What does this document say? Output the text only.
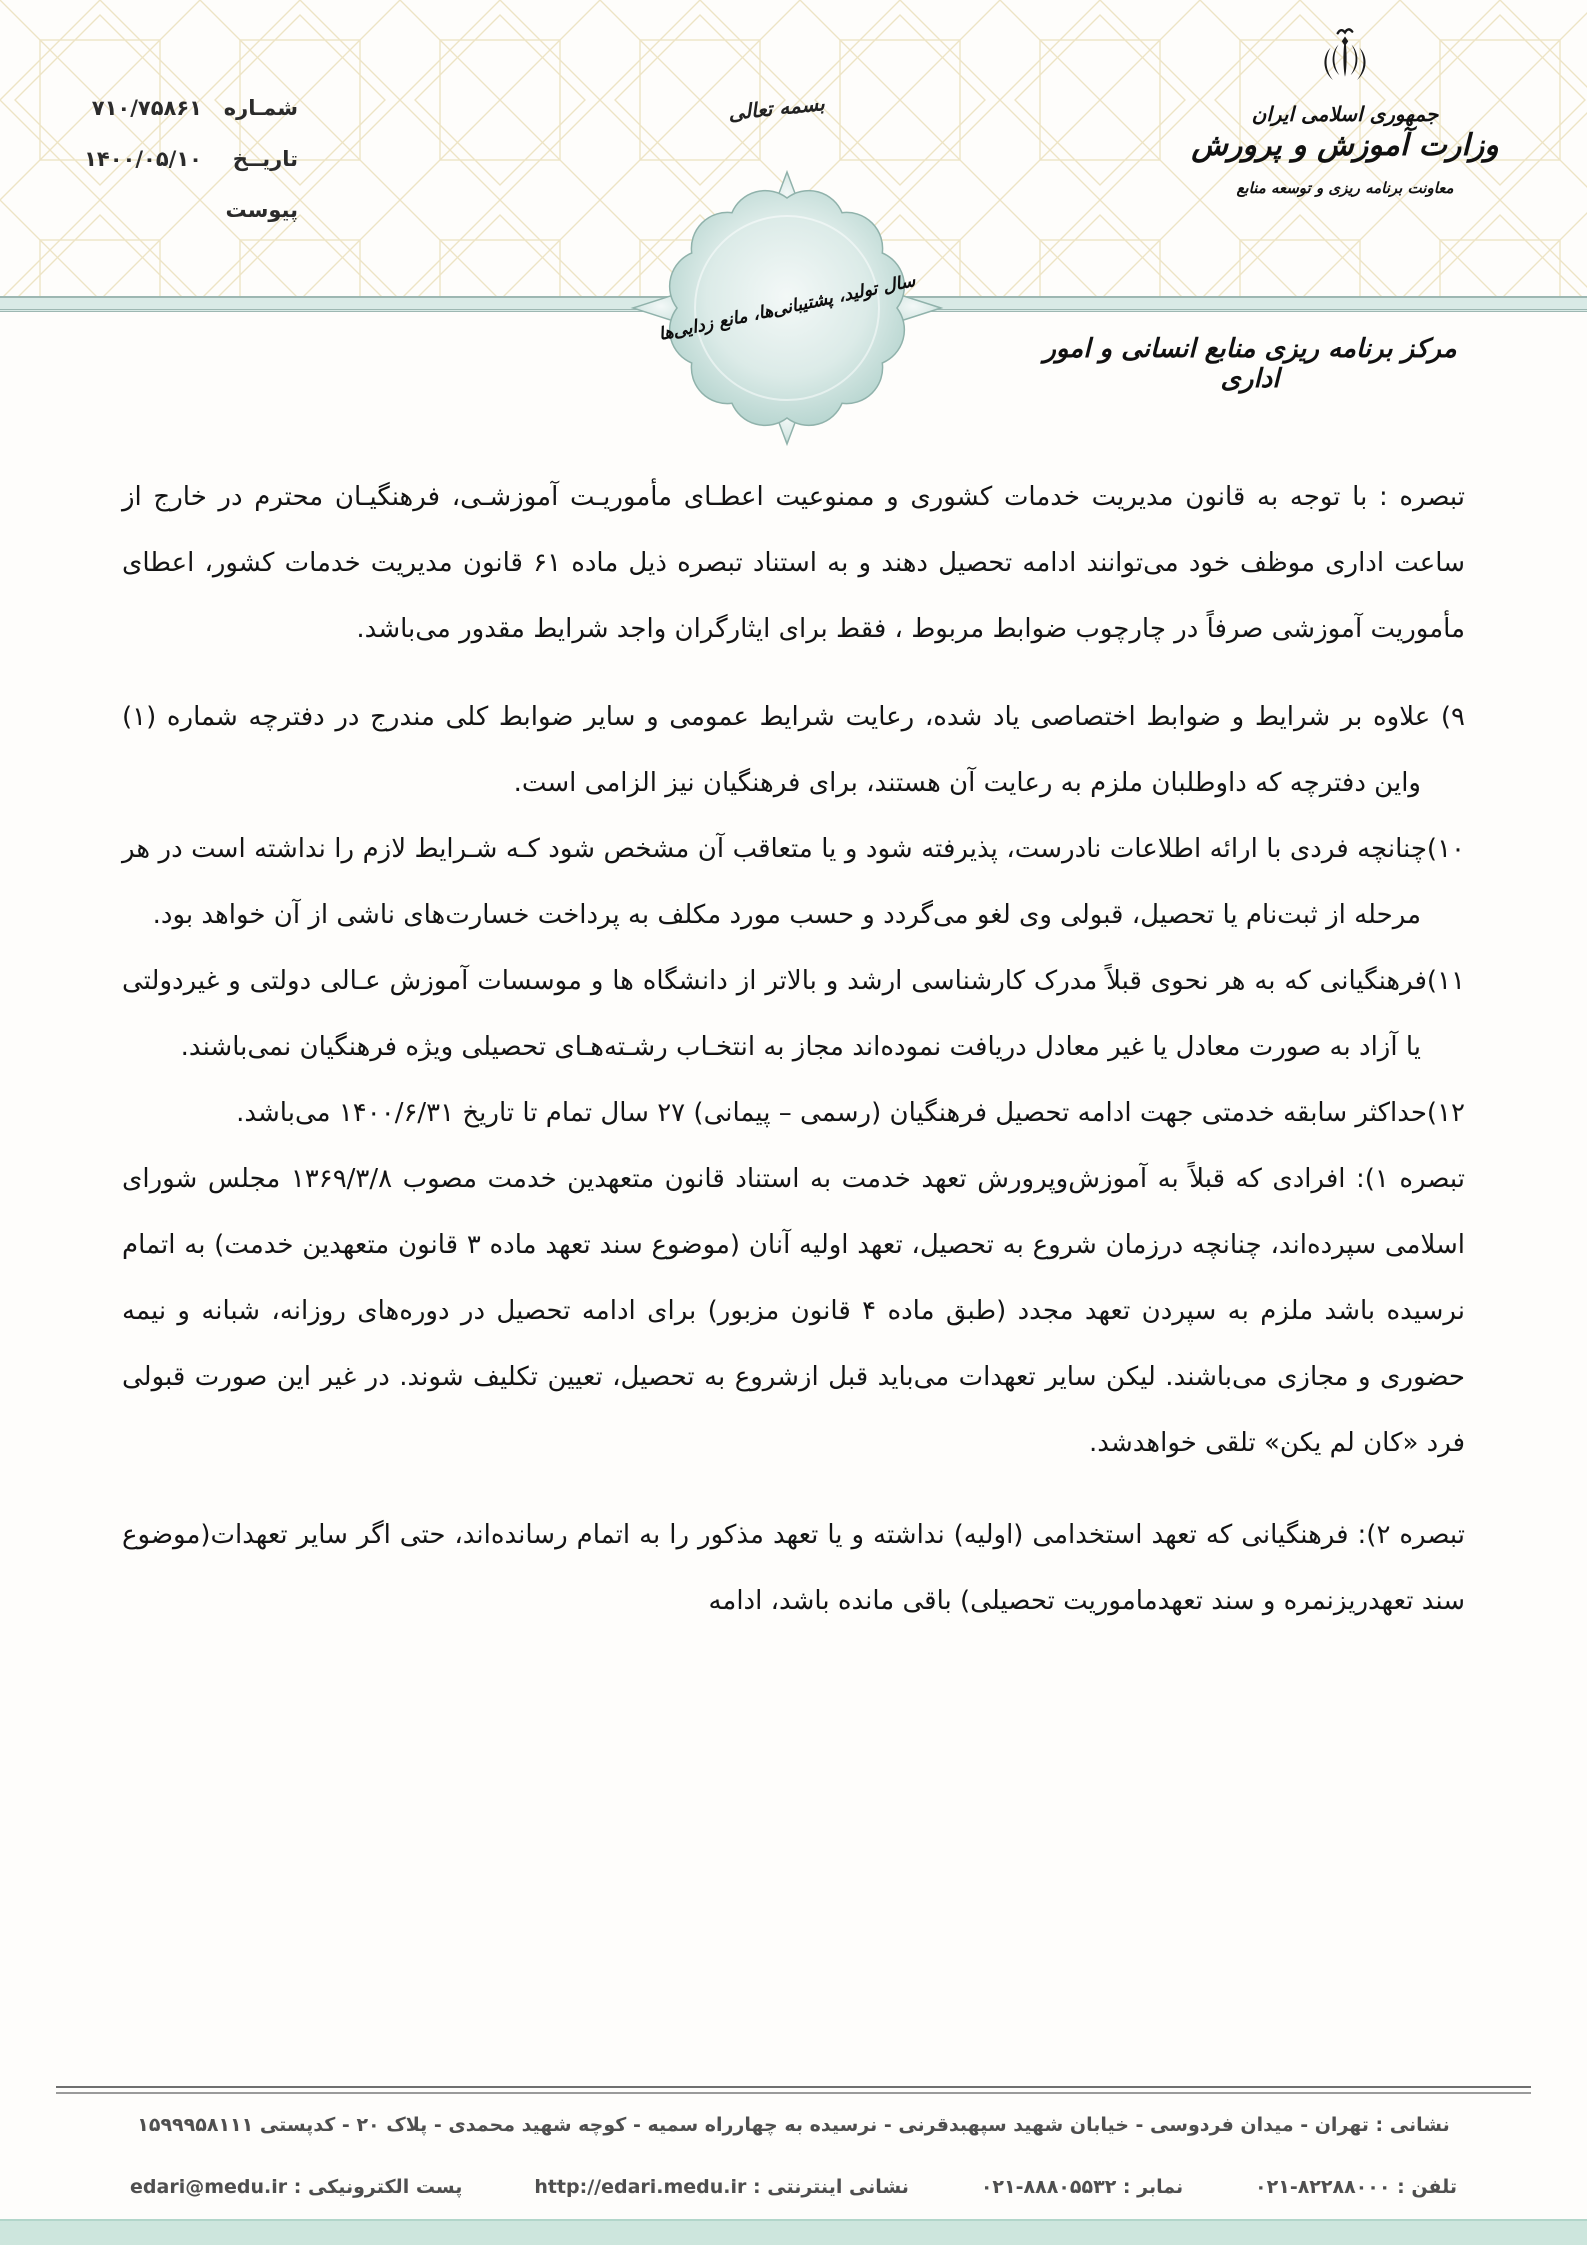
سال تولید، پشتیبانی‌ها، مانع زدایی‌ها
شمـاره
۷۱۰/۷۵۸۶۱
تاریــخ
۱۴۰۰/۰۵/۱۰
پیوست
بسمه تعالی	جمهوری اسلامی ایران
وزارت آموزش و پرورش
معاونت برنامه ریزی و توسعه منابع
مرکز برنامه ریزی منابع انسانی و امور اداری

تبصره : با توجه به قانون مدیریت خدمات کشوری و ممنوعیت اعطـای مأموریـت آموزشـی، فرهنگیـان محترم در خارج از ساعت اداری موظف خود می‌توانند ادامه تحصیل دهند و به استناد تبصره ذیل ماده ۶۱ قانون مدیریت خدمات کشور، اعطای مأموریت آموزشی صرفاً در چارچوب ضوابط مربوط ، فقط برای ایثارگران واجد شرایط مقدور می‌باشد.

۹) علاوه بر شرایط و ضوابط اختصاصی یاد شده، رعایت شرایط عمومی و سایر ضوابط کلی مندرج در دفترچه شماره (۱) واین دفترچه که داوطلبان ملزم به رعایت آن هستند، برای فرهنگیان نیز الزامی است.

۱۰)چنانچه فردی با ارائه اطلاعات نادرست، پذیرفته شود و یا متعاقب آن مشخص شود کـه شـرایط لازم را نداشته است در هر مرحله از ثبت‌نام یا تحصیل، قبولی وی لغو می‌گردد و حسب مورد مکلف به پرداخت خسارت‌های ناشی از آن خواهد بود.

۱۱)فرهنگیانی که به هر نحوی قبلاً مدرک کارشناسی ارشد و بالاتر از دانشگاه ها و موسسات آموزش عـالی دولتی و غیردولتی یا آزاد به صورت معادل یا غیر معادل دریافت نموده‌اند مجاز به انتخـاب رشـته‌هـای تحصیلی ویژه فرهنگیان نمی‌باشند.

۱۲)حداکثر سابقه خدمتی جهت ادامه تحصیل فرهنگیان (رسمی – پیمانی) ۲۷ سال تمام تا تاریخ ۱۴۰۰/۶/۳۱ می‌باشد.

تبصره ۱): افرادی که قبلاً به آموزش‌وپرورش تعهد خدمت به استناد قانون متعهدین خدمت مصوب ۱۳۶۹/۳/۸ مجلس شورای اسلامی سپرده‌اند، چنانچه درزمان شروع به تحصیل، تعهد اولیه آنان (موضوع سند تعهد ماده ۳ قانون متعهدین خدمت) به اتمام نرسیده باشد ملزم به سپردن تعهد مجدد (طبق ماده ۴ قانون مزبور) برای ادامه تحصیل در دوره‌های روزانه، شبانه و نیمه حضوری و مجازی می‌باشند. لیکن سایر تعهدات می‌باید قبل ازشروع به تحصیل، تعیین تکلیف شوند. در غیر این صورت قبولی فرد «کان لم یکن» تلقی خواهدشد.

تبصره ۲): فرهنگیانی که تعهد استخدامی (اولیه) نداشته و یا تعهد مذکور را به اتمام رسانده‌اند، حتی اگر سایر تعهدات(موضوع سند تعهدریزنمره و سند تعهدماموریت تحصیلی) باقی مانده باشد، ادامه

نشانی : تهران - میدان فردوسی - خیابان شهید سپهبدقرنی - نرسیده به چهارراه سمیه - کوچه شهید محمدی - پلاک ۲۰ - کدپستی ۱۵۹۹۹۵۸۱۱۱
تلفن : ۸۲۲۸۸۰۰۰-۰۲۱
نمابر : ۸۸۸۰۵۵۳۲-۰۲۱
نشانی اینترنتی : http://edari.medu.ir
پست الکترونیکی : edari@medu.ir
